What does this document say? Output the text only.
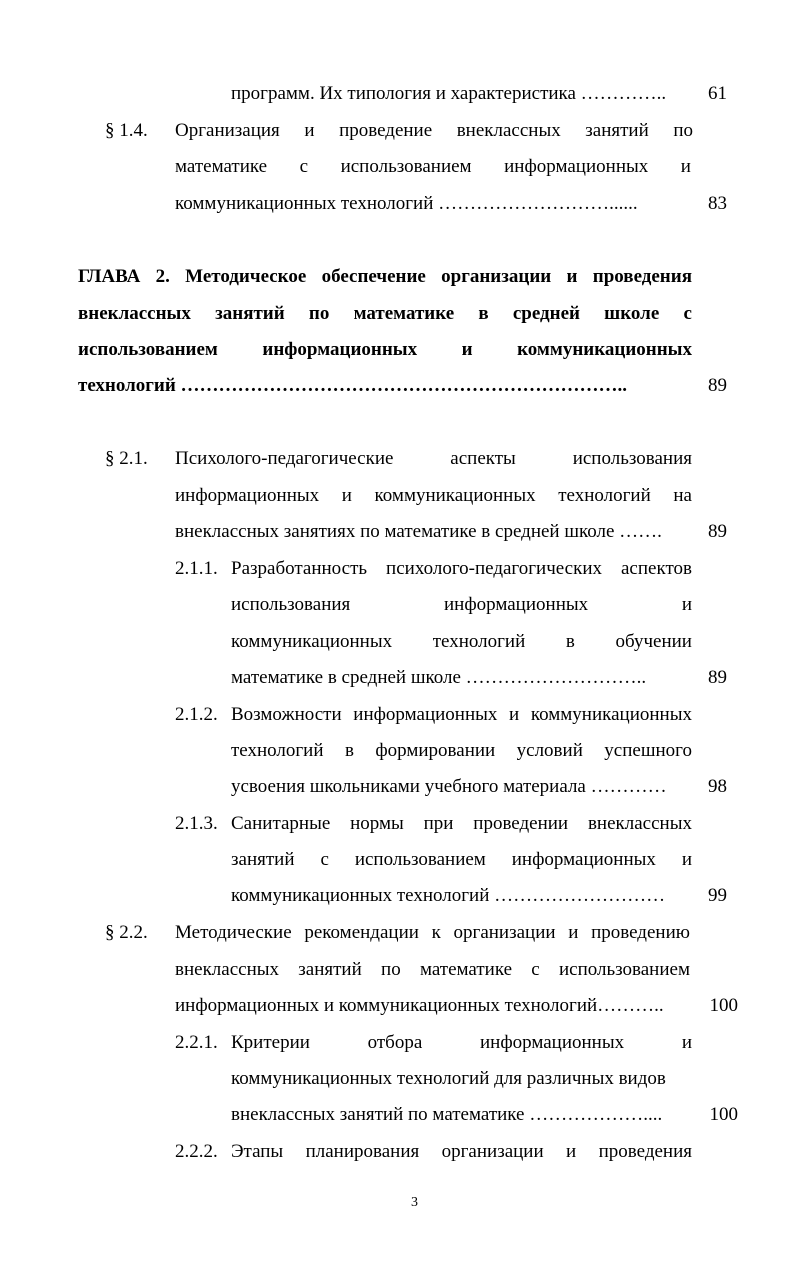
программ. Их типология и характеристика …………..	61
§ 1.4. Организация и проведение внеклассных занятий по
математике с использованием информационных и
коммуникационных технологий ………………………......	83
ГЛАВА 2. Методическое обеспечение организации и проведения
внеклассных занятий по математике в средней школе с
использованием информационных и коммуникационных
технологий ……………………………………………………………..	89
§ 2.1. Психолого-педагогические	аспекты	использования
информационных и коммуникационных технологий на
внеклассных занятиях по математике в средней школе …….	89
2.1.1. Разработанность психолого-педагогических аспектов
использования	информационных	и
коммуникационных технологий в обучении
математике в средней школе ………………………..	89
2.1.2. Возможности информационных и коммуникационных
технологий в формировании условий успешного
усвоения школьниками учебного материала …………	98
2.1.3. Санитарные нормы при проведении внеклассных
занятий с использованием информационных и
коммуникационных технологий ………………………	99
§ 2.2. Методические рекомендации к организации и проведению
внеклассных занятий по математике с использованием
информационных и коммуникационных технологий………..	100
2.2.1. Критерии	отбора	информационных	и
коммуникационных технологий для различных видов
внеклассных занятий по математике ………………....	100
2.2.2. Этапы планирования организации и проведения
3
